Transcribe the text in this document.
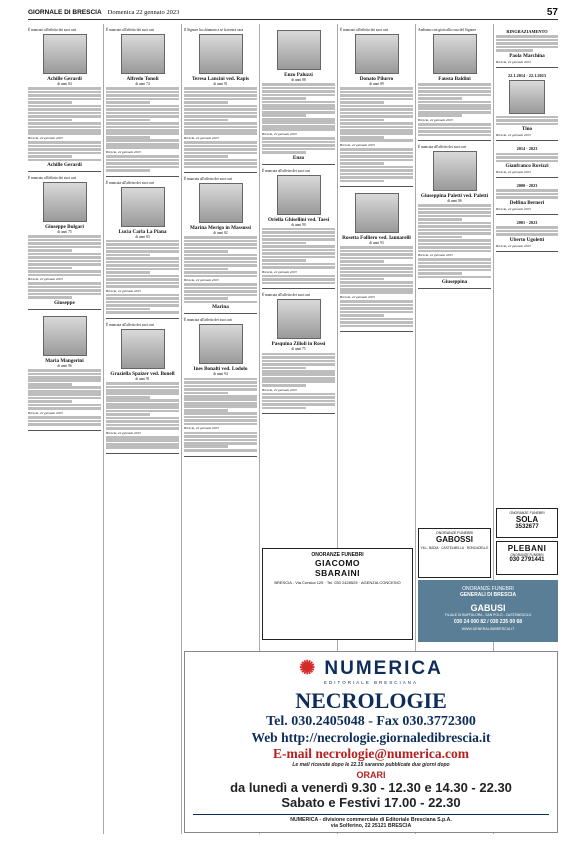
GIORNALE DI BRESCIA Domenica 22 gennaio 2023	57
È mancato all'affetto dei suoi cari
Achille Gerardi
di anni 84
Brescia, 22 gennaio 2023
Achille Gerardi
È mancato all'affetto dei suoi cari
Giuseppe Bulgari
di anni 75
Brescia, 22 gennaio 2023
Giuseppe
Maria Mangerini
di anni 96
Brescia, 22 gennaio 2023
È mancato all'affetto dei suoi cari
Alfredo Tonoli
di anni 74
Brescia, 22 gennaio 2023
È mancata all'affetto dei suoi cari
Lucia Carla La Piana
di anni 83
Brescia, 22 gennaio 2023
È mancata all'affetto dei suoi cari
Graziella Spaizer ved. Bonell
di anni 91
Brescia, 22 gennaio 2023
Il Signore ha chiamato a sé la nostra cara
Teresa Lancini ved. Rapis
di anni 91
Brescia, 22 gennaio 2023
È mancata all'affetto dei suoi cari
Marina Merigo in Massussi
di anni 82
Brescia, 22 gennaio 2023
Marina
È mancata all'affetto dei suoi cari
Ines Bonalti ved. Lodolo
di anni 94
Brescia, 22 gennaio 2023
Enzo Paluzzi
di anni 88
Brescia, 22 gennaio 2023
Enzo
È mancata all'affetto dei suoi cari
Oriella Ghisellini ved. Taesi
di anni 90
Brescia, 22 gennaio 2023
È mancata all'affetto dei suoi cari
Pasquina Zilioli in Rossi
di anni 75
Brescia, 22 gennaio 2023
È mancato all'affetto dei suoi cari
Donato Pilurro
di anni 89
Brescia, 22 gennaio 2023
Rosetta Folliero ved. Iannarelli
di anni 93
Brescia, 22 gennaio 2023
Andiamo con gioia alla casa del Signore
Fausta Baldini
Brescia, 22 gennaio 2023
È mancata all'affetto dei suoi cari
Giuseppina Paletti ved. Paletti
di anni 86
Brescia, 22 gennaio 2023
Giuseppina
RINGRAZIAMENTO
Paola Marchina
Brescia, 22 gennaio 2023
22.1.2014 - 22.1.2023
Tino
Brescia, 22 gennaio 2023
2014 - 2023
Gianfranco Rovizzi
Brescia, 22 gennaio 2023
2000 - 2023
Delfina Berneri
Brescia, 22 gennaio 2023
2001 - 2023
Uberto Ugoletti
Brescia, 22 gennaio 2023
ONORANZE FUNEBRI
GIACOMO
SBARAINI
BRESCIA - Via Corsica 125 · Tel. 030 2428525 · AGENZIA CONCESIO
ONORANZE FUNEBRI
GABOSSI
VILL. BADIA · CASTELMELLA · RONCADELLE
ONORANZE FUNEBRI
SOLA
3532677
PLEBANI
ONORANZE FUNEBRI
030 2791441
ONORANZE FUNEBRI
GENERALI DI BRESCIA
GABUSI
FILIALE DI BUFFALORA - SAN POLO - CASTENEDOLO
030 24 000 82 / 030 235 00 68
WWW.GENERALIDIBRESCIA.IT
✺ NUMERICA
EDITORIALE BRESCIANA
NECROLOGIE
Tel. 030.2405048 - Fax 030.3772300
Web http://necrologie.giornaledibrescia.it
E-mail necrologie@numerica.com
Le mail ricevute dopo le 22.15 saranno pubblicate due giorni dopo
ORARI
da lunedì a venerdì 9.30 - 12.30 e 14.30 - 22.30
Sabato e Festivi 17.00 - 22.30
NUMERICA - divisione commerciale di Editoriale Bresciana S.p.A.
via Solferino, 22 25121 BRESCIA
